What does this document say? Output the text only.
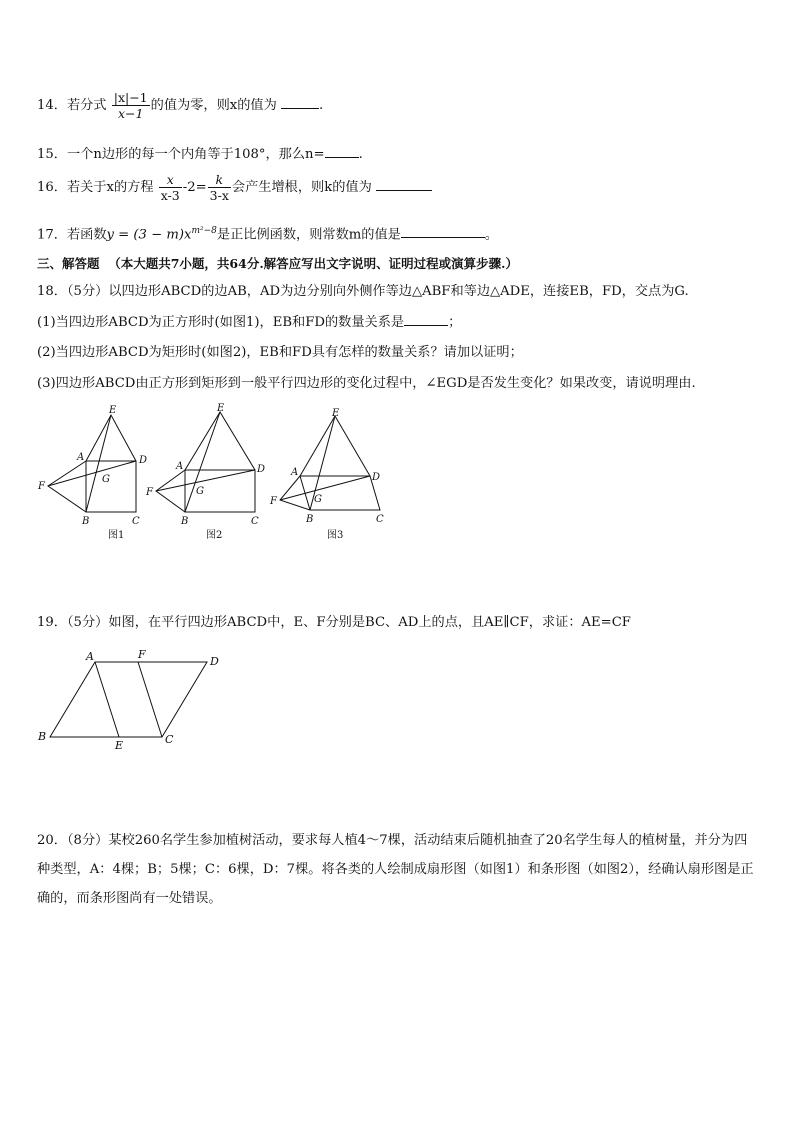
14．若分式 $\frac{|x|-1}{x-1}$ 的值为零，则x的值为	.
15．一个n边形的每一个内角等于108°，那么n=	.
16．若关于x的方程 $\frac{x}{x-3} -2= \frac{k}{3-x}$ 会产生增根，则k的值为
17．若函数$y = (3 - m)x^{m^2-8}$是正比例函数，则常数m的值是	。
三、解答题 （本大题共7小题，共64分.解答应写出文字说明、证明过程或演算步骤.）
18．（5分）以四边形ABCD的边AB，AD为边分别向外侧作等边△ABF和等边△ADE，连接EB，FD，交点为G.
(1)当四边形ABCD为正方形时(如图1)，EB和FD的数量关系是	；
(2)当四边形ABCD为矩形时(如图2)，EB和FD具有怎样的数量关系？请加以证明；
(3)四边形ABCD由正方形到矩形到一般平行四边形的变化过程中，∠EGD是否发生变化？如果改变，请说明理由.
E
A	D
F
G
B	C
E
A	D
F	G
B	C
E
A	D
F	G
B	C
图1	图2	图3
19．（5分）如图，在平行四边形ABCD中，E、F分别是BC、AD上的点，且AE∥CF，求证：AE=CF
A	F
D
B
E	C
20．（8分）某校260名学生参加植树活动，要求每人植4～7棵，活动结束后随机抽查了20名学生每人的植树量，并分为四种类型，A：4棵；B；5棵；C：6棵，D：7棵。将各类的人绘制成扇形图（如图1）和条形图（如图2），经确认扇形图是正确的，而条形图尚有一处错误。
